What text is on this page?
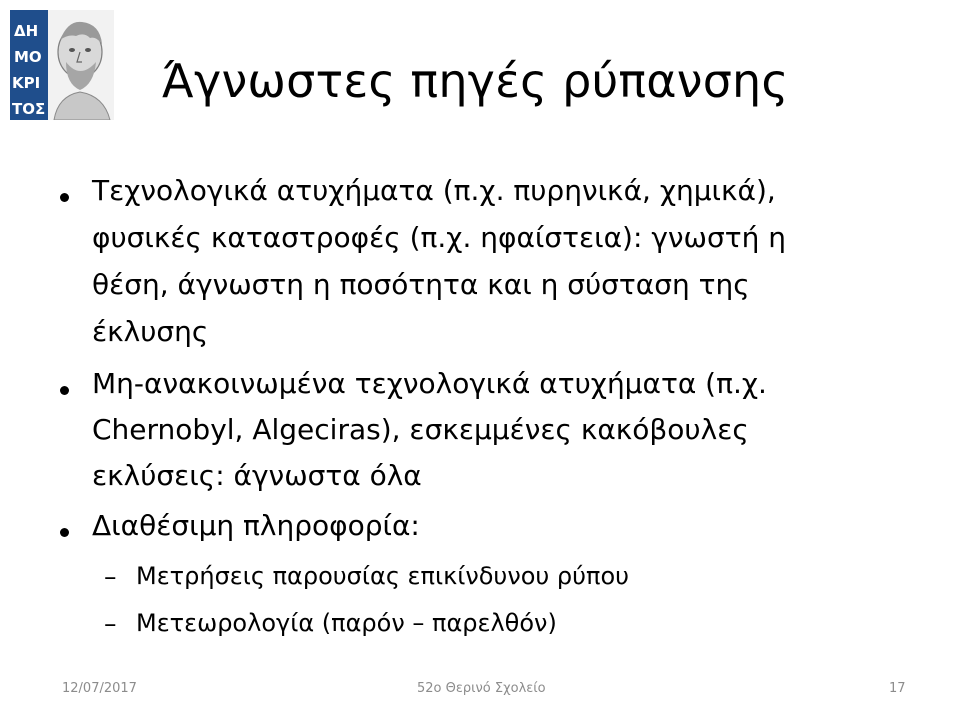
ΔΗ
ΜΟ
ΚΡΙ
ΤΟΣ
Άγνωστες πηγές ρύπανσης
Τεχνολογικά ατυχήματα (π.χ. πυρηνικά, χημικά),
φυσικές καταστροφές (π.χ. ηφαίστεια): γνωστή η
θέση, άγνωστη η ποσότητα και η σύσταση της
έκλυσης
Μη-ανακοινωμένα τεχνολογικά ατυχήματα (π.χ.
Chernobyl, Algeciras), εσκεμμένες κακόβουλες
εκλύσεις: άγνωστα όλα
Διαθέσιμη πληροφορία:
– Μετρήσεις παρουσίας επικίνδυνου ρύπου
– Μετεωρολογία (παρόν – παρελθόν)
12/07/2017	52ο Θερινό Σχολείο	17
